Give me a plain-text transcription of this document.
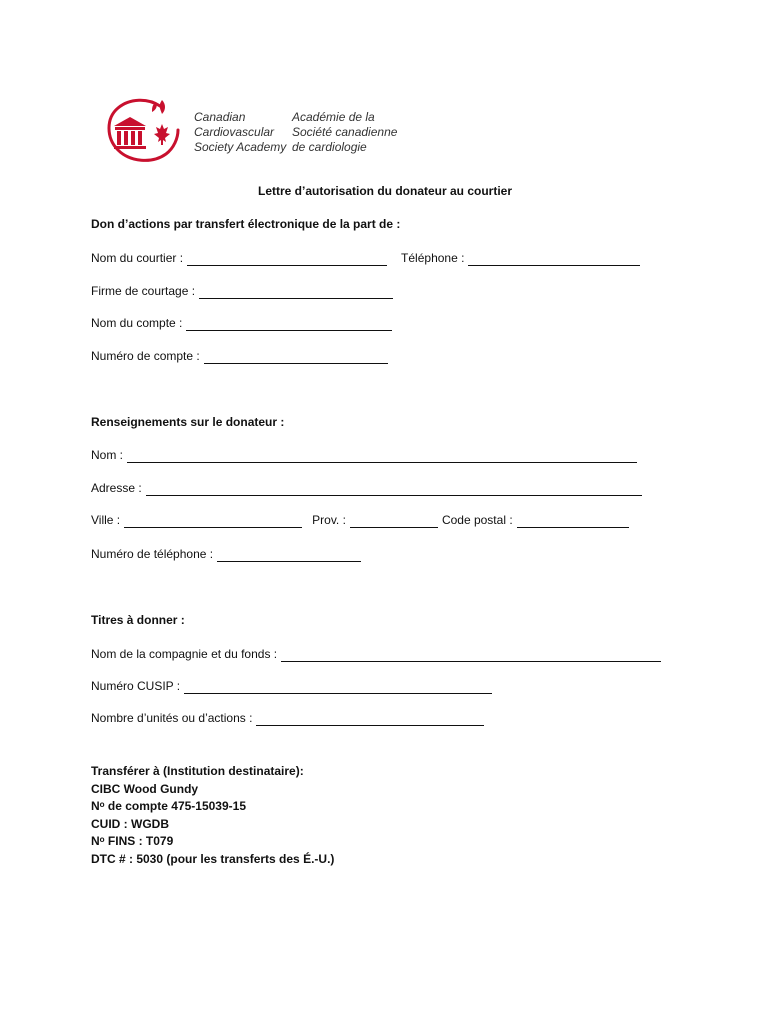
Canadian
Cardiovascular
Society Academy
Académie de la
Société canadienne
de cardiologie
Lettre d’autorisation du donateur au courtier
Don d’actions par transfert électronique de la part de :
Nom du courtier :	Téléphone :
Firme de courtage :
Nom du compte :
Numéro de compte :
Renseignements sur le donateur :
Nom :
Adresse :
Ville :	Prov. :	Code postal :
Numéro de téléphone :
Titres à donner :
Nom de la compagnie et du fonds :
Numéro CUSIP :
Nombre d’unités ou d’actions :
Transférer à (Institution destinataire):
CIBC Wood Gundy
Nᵒ de compte 475-15039-15
CUID : WGDB
Nᵒ FINS : T079
DTC # : 5030 (pour les transferts des É.-U.)
